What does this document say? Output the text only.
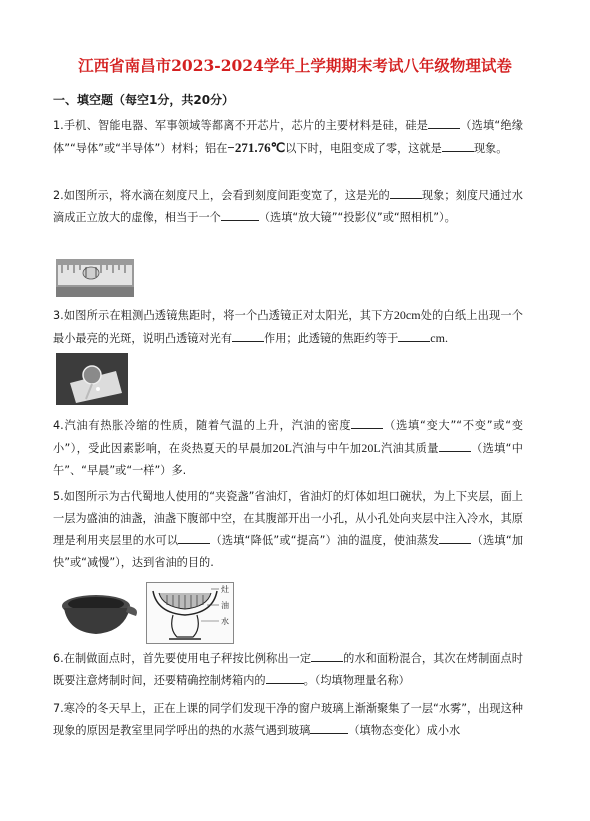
江西省南昌市2023-2024学年上学期期末考试八年级物理试卷
一、填空题（每空1分，共20分）
1.手机、智能电器、军事领域等都离不开芯片，芯片的主要材料是硅，硅是	（选填“绝缘体”“导体”或“半导体”）材料；铝在−271.76℃以下时，电阻变成了零，这就是	现象。
2.如图所示，将水滴在刻度尺上，会看到刻度间距变宽了，这是光的	现象；刻度尺通过水滴成正立放大的虚像，相当于一个	（选填“放大镜”“投影仪”或“照相机”）。
3.如图所示在粗测凸透镜焦距时，将一个凸透镜正对太阳光，其下方20cm处的白纸上出现一个最小最亮的光斑，说明凸透镜对光有	作用；此透镜的焦距约等于	cm.
4.汽油有热胀冷缩的性质，随着气温的上升，汽油的密度	（选填“变大”“不变”或“变小”），受此因素影响，在炎热夏天的早晨加20L汽油与中午加20L汽油其质量	（选填“中午”、“早晨”或“一样”）多.
5.如图所示为古代蜀地人使用的“夹瓷盏”省油灯，省油灯的灯体如坦口碗状，为上下夹层，面上一层为盛油的油盏，油盏下腹部中空，在其腹部开出一小孔，从小孔处向夹层中注入冷水，其原理是利用夹层里的水可以	（选填“降低”或“提高”）油的温度，使油蒸发	（选填“加快”或“减慢”），达到省油的目的.
灶
油
水
6.在制做面点时，首先要使用电子秤按比例称出一定	的水和面粉混合，其次在烤制面点时既要注意烤制时间，还要精确控制烤箱内的	。（均填物理量名称）
7.寒冷的冬天早上，正在上课的同学们发现干净的窗户玻璃上渐渐聚集了一层“水雾”，出现这种现象的原因是教室里同学呼出的热的水蒸气遇到玻璃	（填物态变化）成小水
